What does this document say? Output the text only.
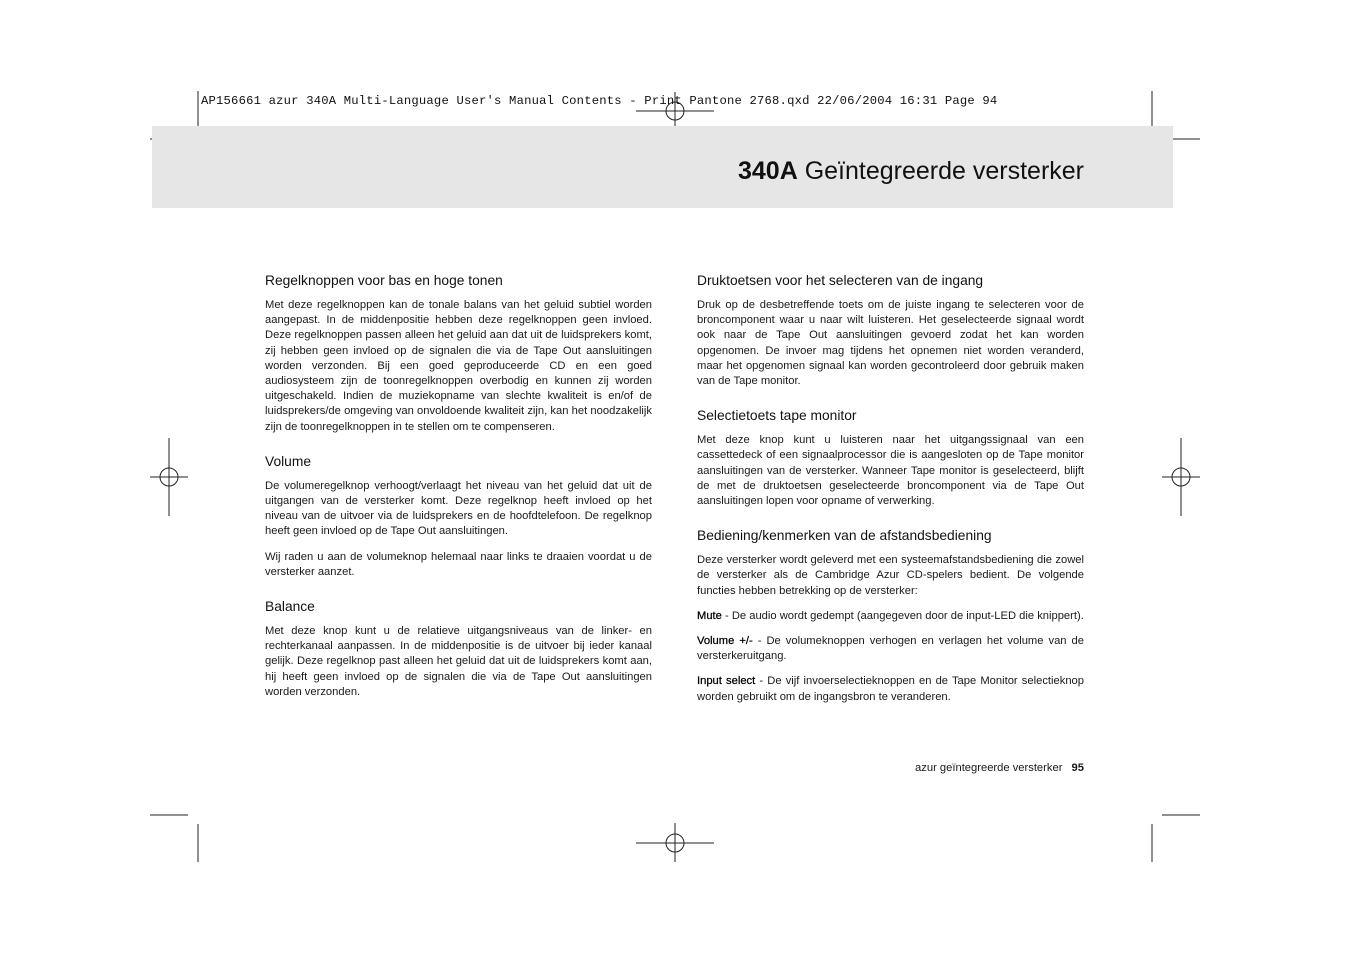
AP156661 azur 340A Multi-Language User's Manual Contents - Print Pantone 2768.qxd 22/06/2004 16:31 Page 94
340A Geïntegreerde versterker
Regelknoppen voor bas en hoge tonen

Met deze regelknoppen kan de tonale balans van het geluid subtiel worden aangepast. In de middenpositie hebben deze regelknoppen geen invloed. Deze regelknoppen passen alleen het geluid aan dat uit de luidsprekers komt, zij hebben geen invloed op de signalen die via de Tape Out aansluitingen worden verzonden. Bij een goed geproduceerde CD en een goed audiosysteem zijn de toonregelknoppen overbodig en kunnen zij worden uitgeschakeld. Indien de muziekopname van slechte kwaliteit is en/of de luidsprekers/de omgeving van onvoldoende kwaliteit zijn, kan het noodzakelijk zijn de toonregelknoppen in te stellen om te compenseren.

Volume

De volumeregelknop verhoogt/verlaagt het niveau van het geluid dat uit de uitgangen van de versterker komt. Deze regelknop heeft invloed op het niveau van de uitvoer via de luidsprekers en de hoofdtelefoon. De regelknop heeft geen invloed op de Tape Out aansluitingen.

Wij raden u aan de volumeknop helemaal naar links te draaien voordat u de versterker aanzet.

Balance

Met deze knop kunt u de relatieve uitgangsniveaus van de linker- en rechterkanaal aanpassen. In de middenpositie is de uitvoer bij ieder kanaal gelijk. Deze regelknop past alleen het geluid dat uit de luidsprekers komt aan, hij heeft geen invloed op de signalen die via de Tape Out aansluitingen worden verzonden.

Druktoetsen voor het selecteren van de ingang

Druk op de desbetreffende toets om de juiste ingang te selecteren voor de broncomponent waar u naar wilt luisteren. Het geselecteerde signaal wordt ook naar de Tape Out aansluitingen gevoerd zodat het kan worden opgenomen. De invoer mag tijdens het opnemen niet worden veranderd, maar het opgenomen signaal kan worden gecontroleerd door gebruik maken van de Tape monitor.

Selectietoets tape monitor

Met deze knop kunt u luisteren naar het uitgangssignaal van een cassettedeck of een signaalprocessor die is aangesloten op de Tape monitor aansluitingen van de versterker. Wanneer Tape monitor is geselecteerd, blijft de met de druktoetsen geselecteerde broncomponent via de Tape Out aansluitingen lopen voor opname of verwerking.

Bediening/kenmerken van de afstandsbediening

Deze versterker wordt geleverd met een systeemafstandsbediening die zowel de versterker als de Cambridge Azur CD-spelers bedient. De volgende functies hebben betrekking op de versterker:

Mute - De audio wordt gedempt (aangegeven door de input-LED die knippert).

Volume +/- - De volumeknoppen verhogen en verlagen het volume van de versterkeruitgang.

Input select - De vijf invoerselectieknoppen en de Tape Monitor selectieknop worden gebruikt om de ingangsbron te veranderen.

azur geïntegreerde versterker 95
